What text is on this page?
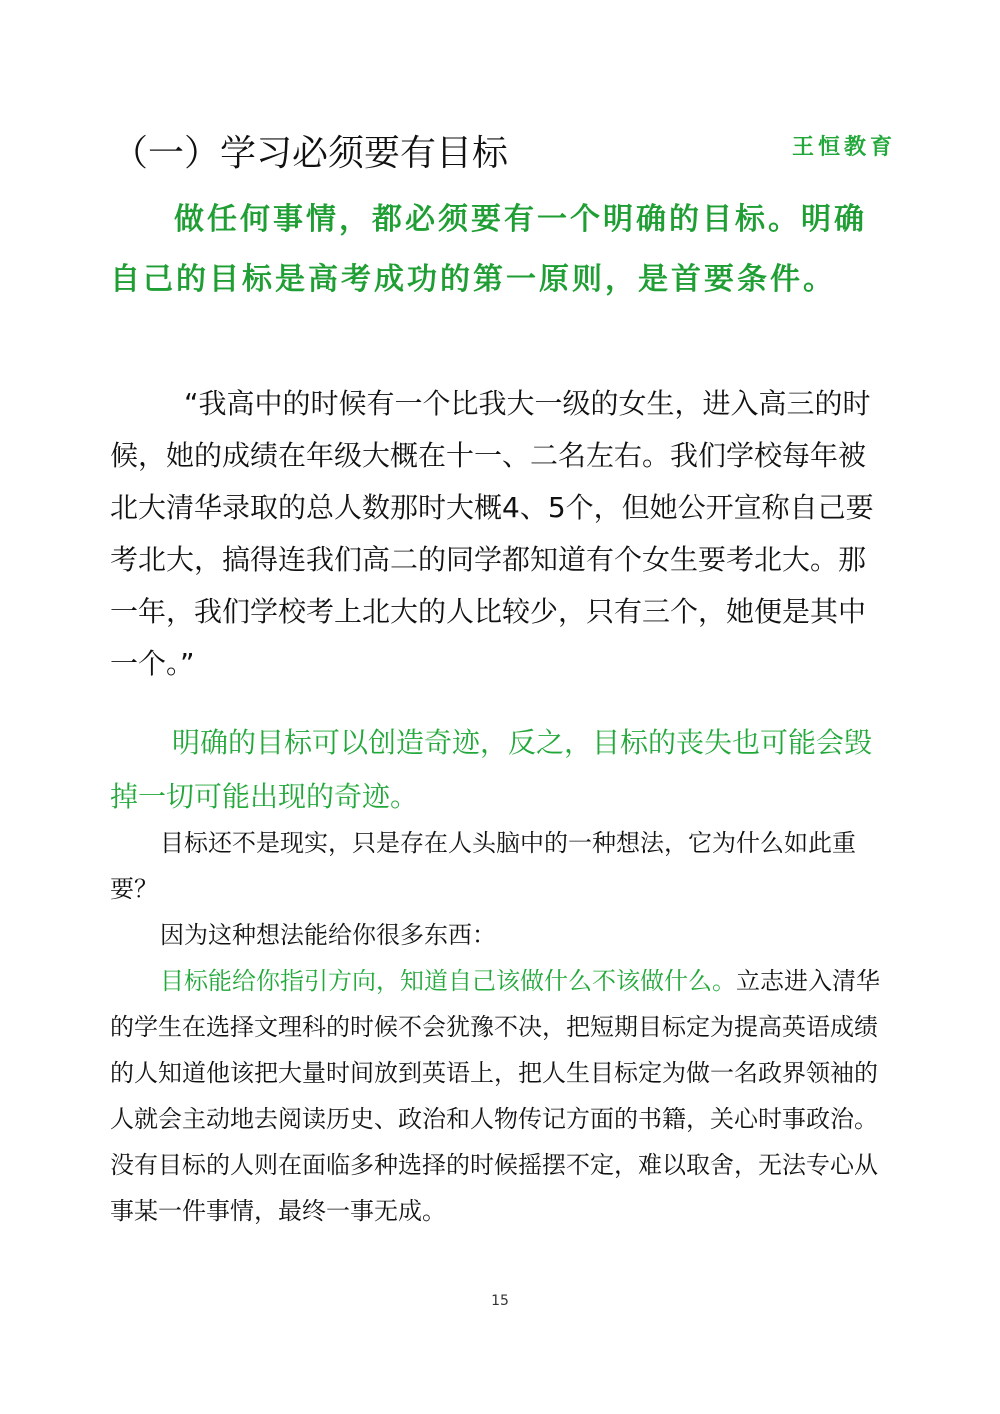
王恒教育
（一）学习必须要有目标

做任何事情，都必须要有一个明确的目标。明确自己的目标是高考成功的第一原则，是首要条件。

“我高中的时候有一个比我大一级的女生，进入高三的时候，她的成绩在年级大概在十一、二名左右。我们学校每年被北大清华录取的总人数那时大概4、5个，但她公开宣称自己要考北大，搞得连我们高二的同学都知道有个女生要考北大。那一年，我们学校考上北大的人比较少，只有三个，她便是其中一个。”

明确的目标可以创造奇迹，反之，目标的丧失也可能会毁掉一切可能出现的奇迹。

目标还不是现实，只是存在人头脑中的一种想法，它为什么如此重要？

因为这种想法能给你很多东西：

目标能给你指引方向，知道自己该做什么不该做什么。立志进入清华的学生在选择文理科的时候不会犹豫不决，把短期目标定为提高英语成绩的人知道他该把大量时间放到英语上，把人生目标定为做一名政界领袖的人就会主动地去阅读历史、政治和人物传记方面的书籍，关心时事政治。没有目标的人则在面临多种选择的时候摇摆不定，难以取舍，无法专心从事某一件事情，最终一事无成。

15
